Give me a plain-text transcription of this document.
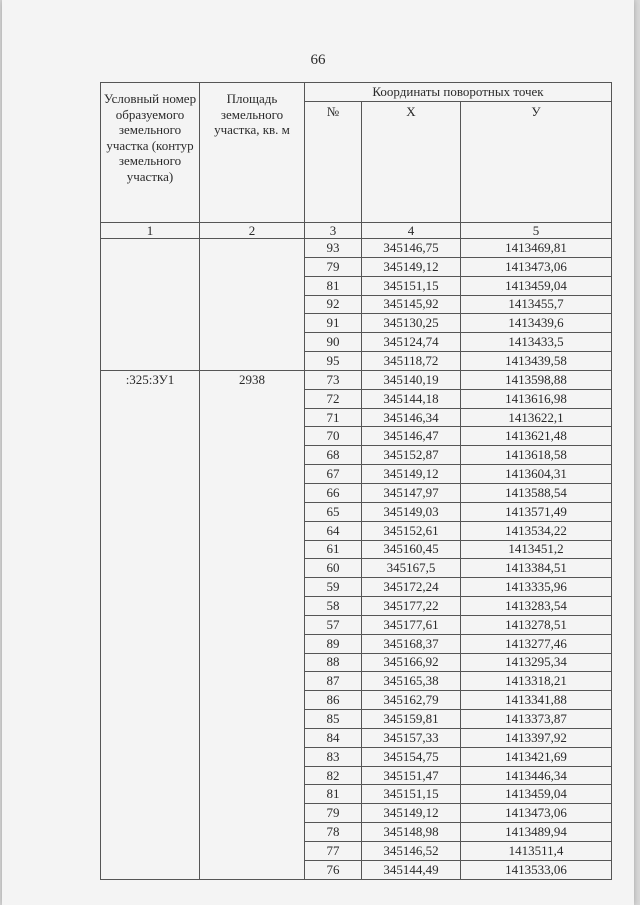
66
Условный номер образуемого земельного участка (контур земельного участка)	Площадь земельного участка, кв. м	Координаты поворотных точек		
		№	Х	У
1	2	3	4	5
		93	345146,75	1413469,81
		79	345149,12	1413473,06
		81	345151,15	1413459,04
		92	345145,92	1413455,7
		91	345130,25	1413439,6
		90	345124,74	1413433,5
		95	345118,72	1413439,58
:325:ЗУ1	2938	73	345140,19	1413598,88
		72	345144,18	1413616,98
		71	345146,34	1413622,1
		70	345146,47	1413621,48
		68	345152,87	1413618,58
		67	345149,12	1413604,31
		66	345147,97	1413588,54
		65	345149,03	1413571,49
		64	345152,61	1413534,22
		61	345160,45	1413451,2
		60	345167,5	1413384,51
		59	345172,24	1413335,96
		58	345177,22	1413283,54
		57	345177,61	1413278,51
		89	345168,37	1413277,46
		88	345166,92	1413295,34
		87	345165,38	1413318,21
		86	345162,79	1413341,88
		85	345159,81	1413373,87
		84	345157,33	1413397,92
		83	345154,75	1413421,69
		82	345151,47	1413446,34
		81	345151,15	1413459,04
		79	345149,12	1413473,06
		78	345148,98	1413489,94
		77	345146,52	1413511,4
		76	345144,49	1413533,06
